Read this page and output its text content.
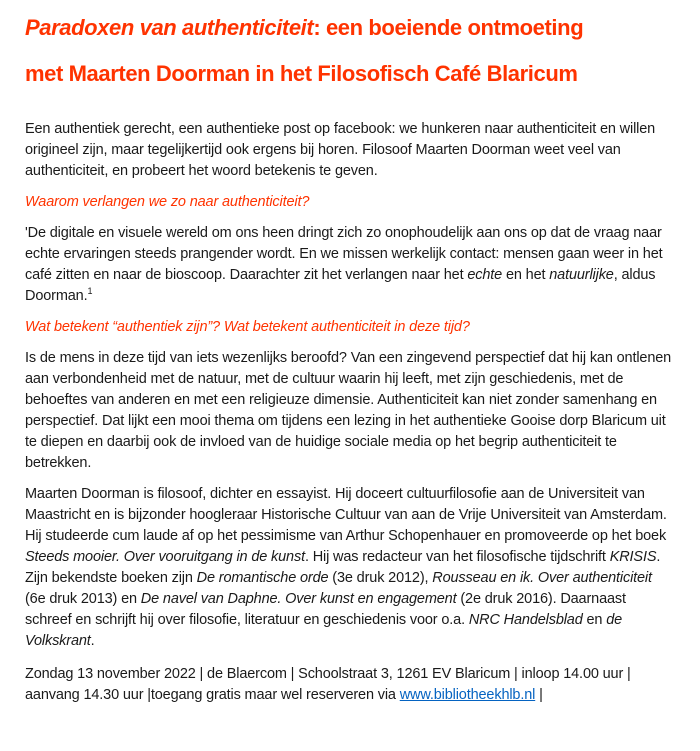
Paradoxen van authenticiteit: een boeiende ontmoeting
met Maarten Doorman in het Filosofisch Café Blaricum

Een authentiek gerecht, een authentieke post op facebook: we hunkeren naar authenticiteit en willen origineel zijn, maar tegelijkertijd ook ergens bij horen. Filosoof Maarten Doorman weet veel van authenticiteit, en probeert het woord betekenis te geven.

Waarom verlangen we zo naar authenticiteit?

'De digitale en visuele wereld om ons heen dringt zich zo onophoudelijk aan ons op dat de vraag naar echte ervaringen steeds prangender wordt. En we missen werkelijk contact: mensen gaan weer in het café zitten en naar de bioscoop. Daarachter zit het verlangen naar het echte en het natuurlijke, aldus Doorman.$^1$

Wat betekent “authentiek zijn”? Wat betekent authenticiteit in deze tijd?

Is de mens in deze tijd van iets wezenlijks beroofd? Van een zingevend perspectief dat hij kan ontlenen aan verbondenheid met de natuur, met de cultuur waarin hij leeft, met zijn geschiedenis, met de behoeftes van anderen en met een religieuze dimensie. Authenticiteit kan niet zonder samenhang en perspectief. Dat lijkt een mooi thema om tijdens een lezing in het authentieke Gooise dorp Blaricum uit te diepen en daarbij ook de invloed van de huidige sociale media op het begrip authenticiteit te betrekken.

Maarten Doorman is filosoof, dichter en essayist. Hij doceert cultuurfilosofie aan de Universiteit van Maastricht en is bijzonder hoogleraar Historische Cultuur van aan de Vrije Universiteit van Amsterdam. Hij studeerde cum laude af op het pessimisme van Arthur Schopenhauer en promoveerde op het boek Steeds mooier. Over vooruitgang in de kunst. Hij was redacteur van het filosofische tijdschrift KRISIS. Zijn bekendste boeken zijn De romantische orde (3e druk 2012), Rousseau en ik. Over authenticiteit (6e druk 2013) en De navel van Daphne. Over kunst en engagement (2e druk 2016). Daarnaast schreef en schrijft hij over filosofie, literatuur en geschiedenis voor o.a. NRC Handelsblad en de Volkskrant.

Zondag 13 november 2022 | de Blaercom | Schoolstraat 3, 1261 EV Blaricum | inloop 14.00 uur | aanvang 14.30 uur |toegang gratis maar wel reserveren via www.bibliotheekhlb.nl |
